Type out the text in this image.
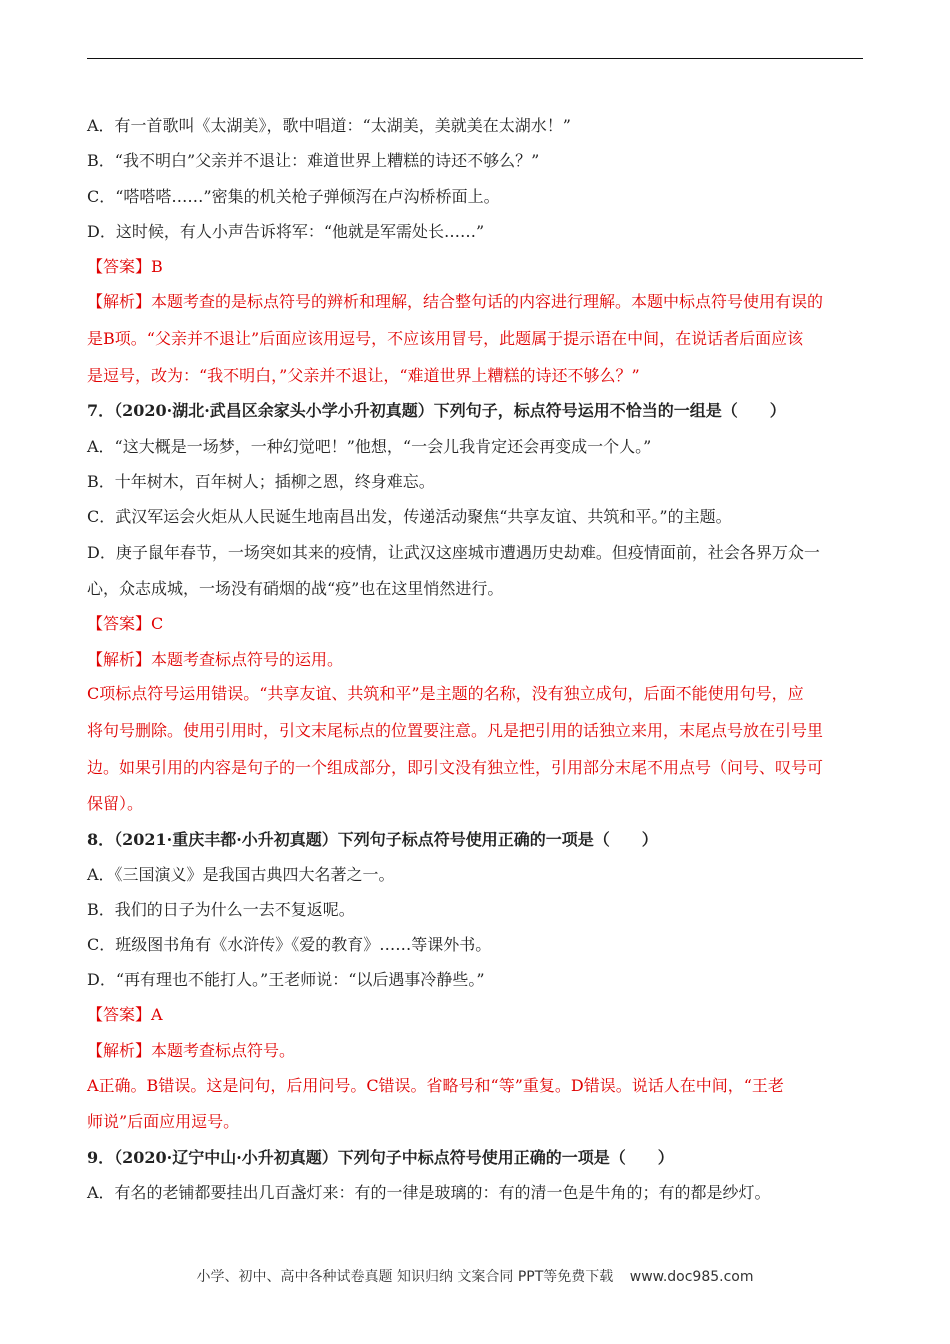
A．有一首歌叫《太湖美》，歌中唱道：“太湖美，美就美在太湖水！”
B．“我不明白”父亲并不退让：难道世界上糟糕的诗还不够么？”
C．“嗒嗒嗒……”密集的机关枪子弹倾泻在卢沟桥桥面上。
D．这时候，有人小声告诉将军：“他就是军需处长……”
【答案】B
【解析】本题考查的是标点符号的辨析和理解，结合整句话的内容进行理解。本题中标点符号使用有误的
是B项。“父亲并不退让”后面应该用逗号，不应该用冒号，此题属于提示语在中间，在说话者后面应该
是逗号，改为：“我不明白，”父亲并不退让，“难道世界上糟糕的诗还不够么？”
7．（2020·湖北·武昌区余家头小学小升初真题）下列句子，标点符号运用不恰当的一组是（　　）
A．“这大概是一场梦，一种幻觉吧！”他想，“一会儿我肯定还会再变成一个人。”
B．十年树木，百年树人；插柳之恩，终身难忘。
C．武汉军运会火炬从人民诞生地南昌出发，传递活动聚焦“共享友谊、共筑和平。”的主题。
D．庚子鼠年春节，一场突如其来的疫情，让武汉这座城市遭遇历史劫难。但疫情面前，社会各界万众一
心，众志成城，一场没有硝烟的战“疫”也在这里悄然进行。
【答案】C
【解析】本题考查标点符号的运用。
C项标点符号运用错误。“共享友谊、共筑和平”是主题的名称，没有独立成句，后面不能使用句号，应
将句号删除。使用引用时，引文末尾标点的位置要注意。凡是把引用的话独立来用，末尾点号放在引号里
边。如果引用的内容是句子的一个组成部分，即引文没有独立性，引用部分末尾不用点号（问号、叹号可
保留）。
8．（2021·重庆丰都·小升初真题）下列句子标点符号使用正确的一项是（　　）
A．《三国演义》是我国古典四大名著之一。
B．我们的日子为什么一去不复返呢。
C．班级图书角有《水浒传》《爱的教育》……等课外书。
D．“再有理也不能打人。”王老师说：“以后遇事冷静些。”
【答案】A
【解析】本题考查标点符号。
A正确。B错误。这是问句，后用问号。C错误。省略号和“等”重复。D错误。说话人在中间，“王老
师说”后面应用逗号。
9．（2020·辽宁中山·小升初真题）下列句子中标点符号使用正确的一项是（　　）
A．有名的老铺都要挂出几百盏灯来：有的一律是玻璃的：有的清一色是牛角的；有的都是纱灯。
小学、初中、高中各种试卷真题 知识归纳 文案合同 PPT等免费下载 www.doc985.com
